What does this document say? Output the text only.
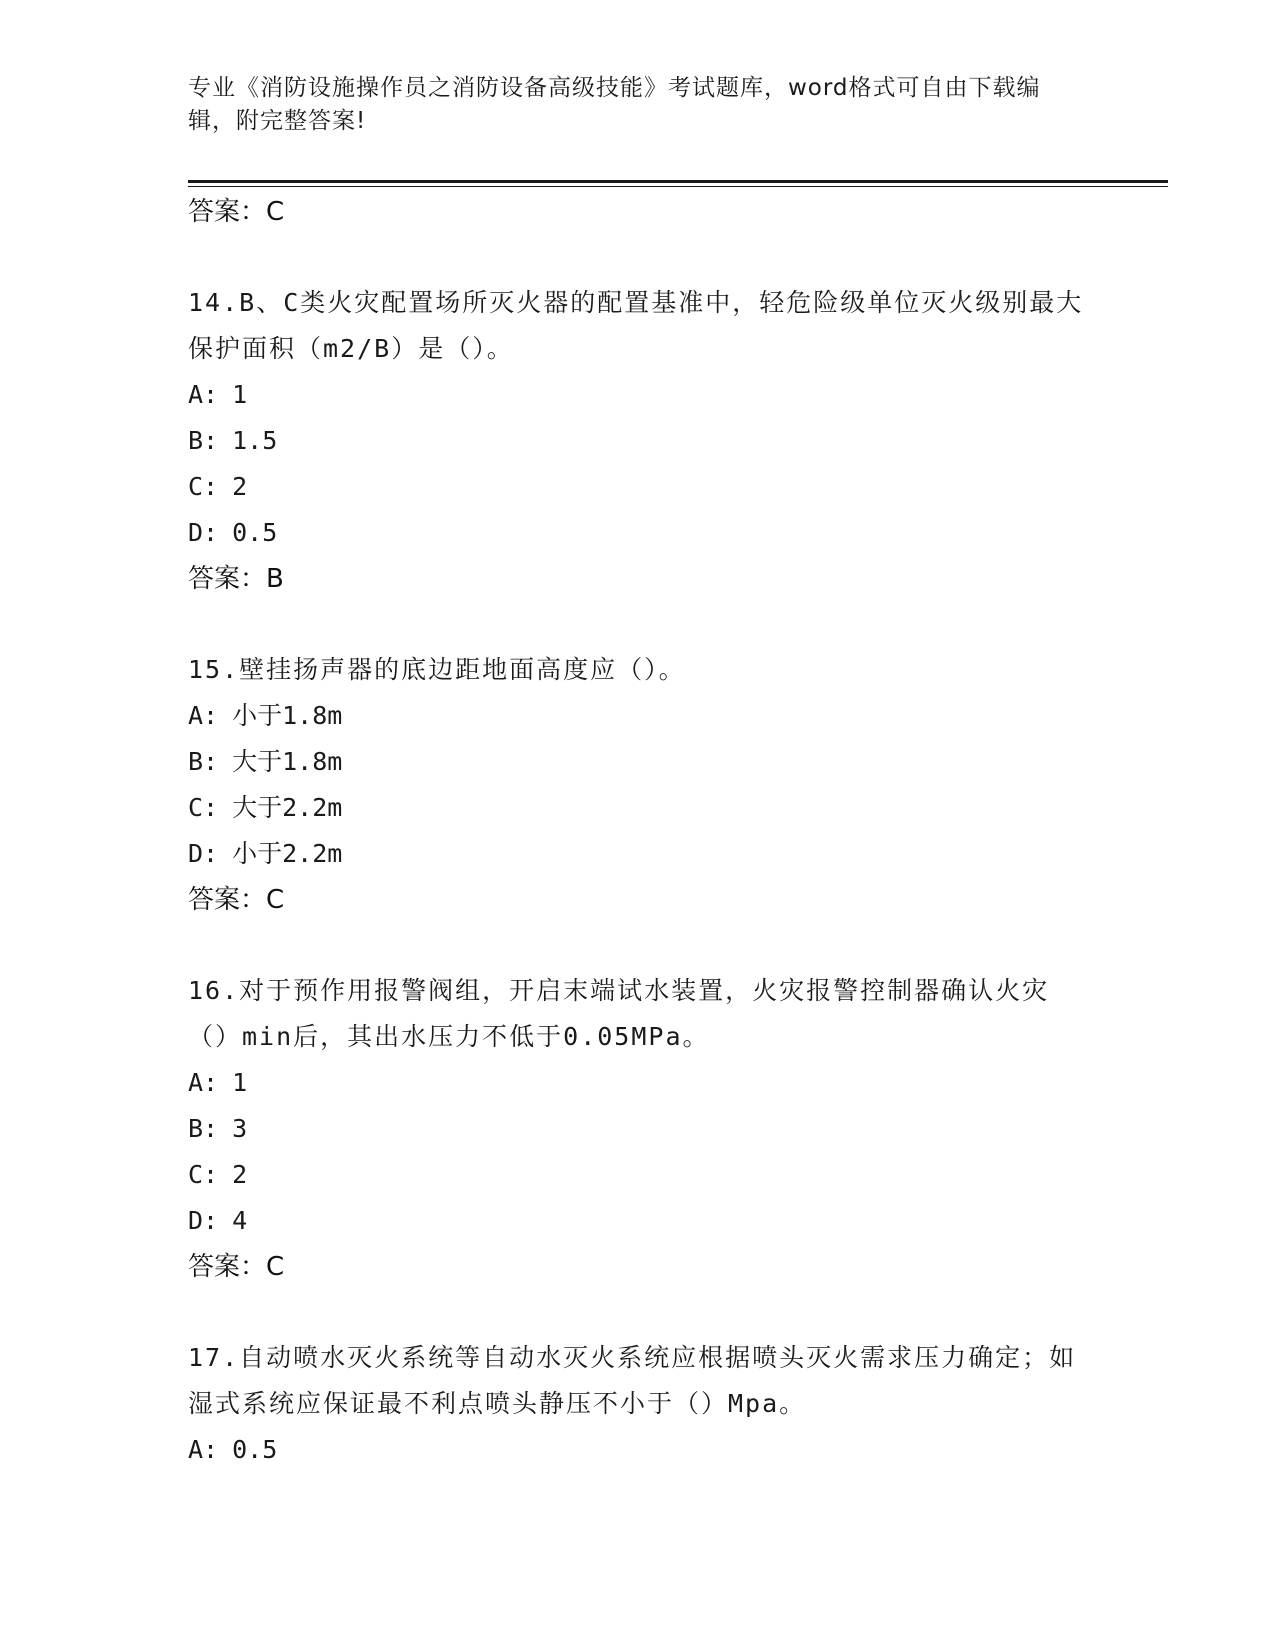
专业《消防设施操作员之消防设备高级技能》考试题库，word格式可自由下载编辑，附完整答案!
答案：C
14.B、C类火灾配置场所灭火器的配置基准中，轻危险级单位灭火级别最大保护面积（m2/B）是（）。
A: 1
B: 1.5
C: 2
D: 0.5
答案：B
15.壁挂扬声器的底边距地面高度应（）。
A: 小于1.8m
B: 大于1.8m
C: 大于2.2m
D: 小于2.2m
答案：C
16.对于预作用报警阀组，开启末端试水装置，火灾报警控制器确认火灾（）min后，其出水压力不低于0.05MPa。
A: 1
B: 3
C: 2
D: 4
答案：C
17.自动喷水灭火系统等自动水灭火系统应根据喷头灭火需求压力确定；如湿式系统应保证最不利点喷头静压不小于（）Mpa。
A: 0.5
